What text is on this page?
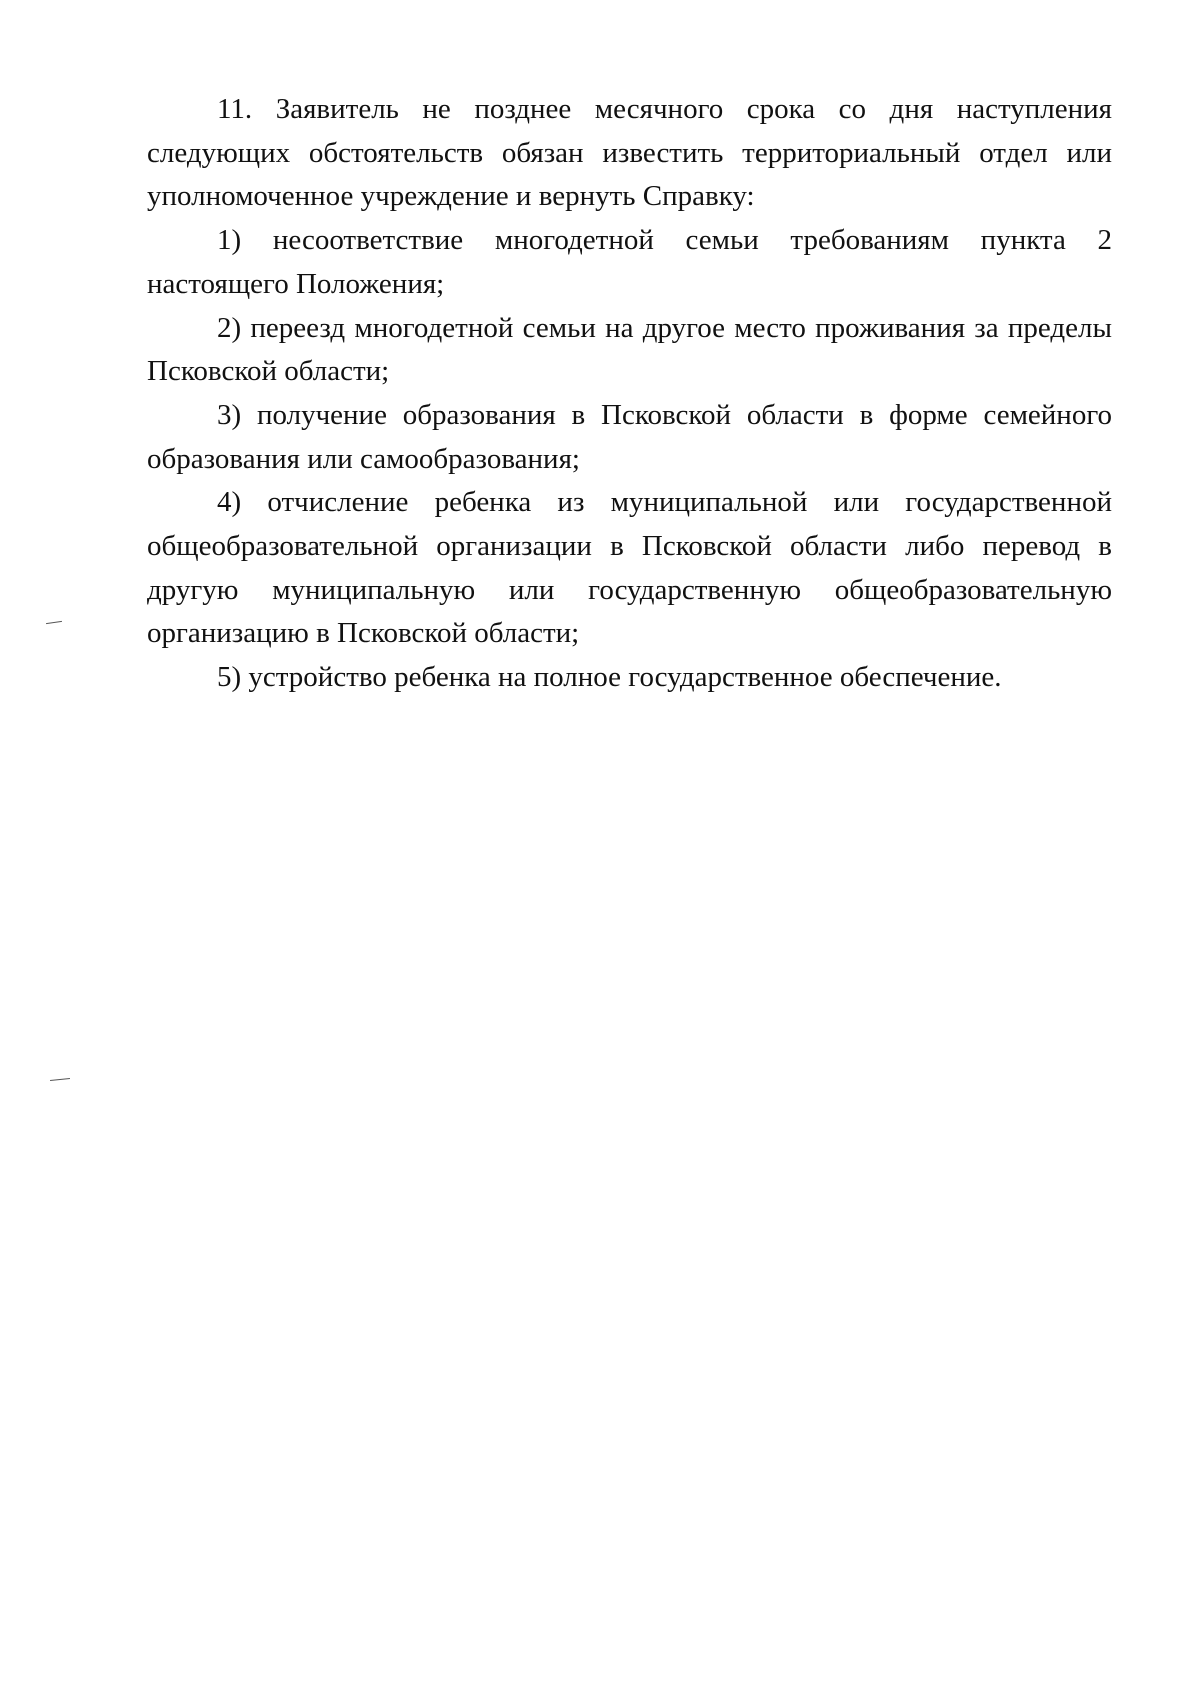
11. Заявитель не позднее месячного срока со дня наступления следующих обстоятельств обязан известить территориальный отдел или уполномоченное учреждение и вернуть Справку:

1) несоответствие многодетной семьи требованиям пункта 2 настоящего Положения;

2) переезд многодетной семьи на другое место проживания за пределы Псковской области;

3) получение образования в Псковской области в форме семейного образования или самообразования;

4) отчисление ребенка из муниципальной или государственной общеобразовательной организации в Псковской области либо перевод в другую муниципальную или государственную общеобразовательную организацию в Псковской области;

5) устройство ребенка на полное государственное обеспечение.
